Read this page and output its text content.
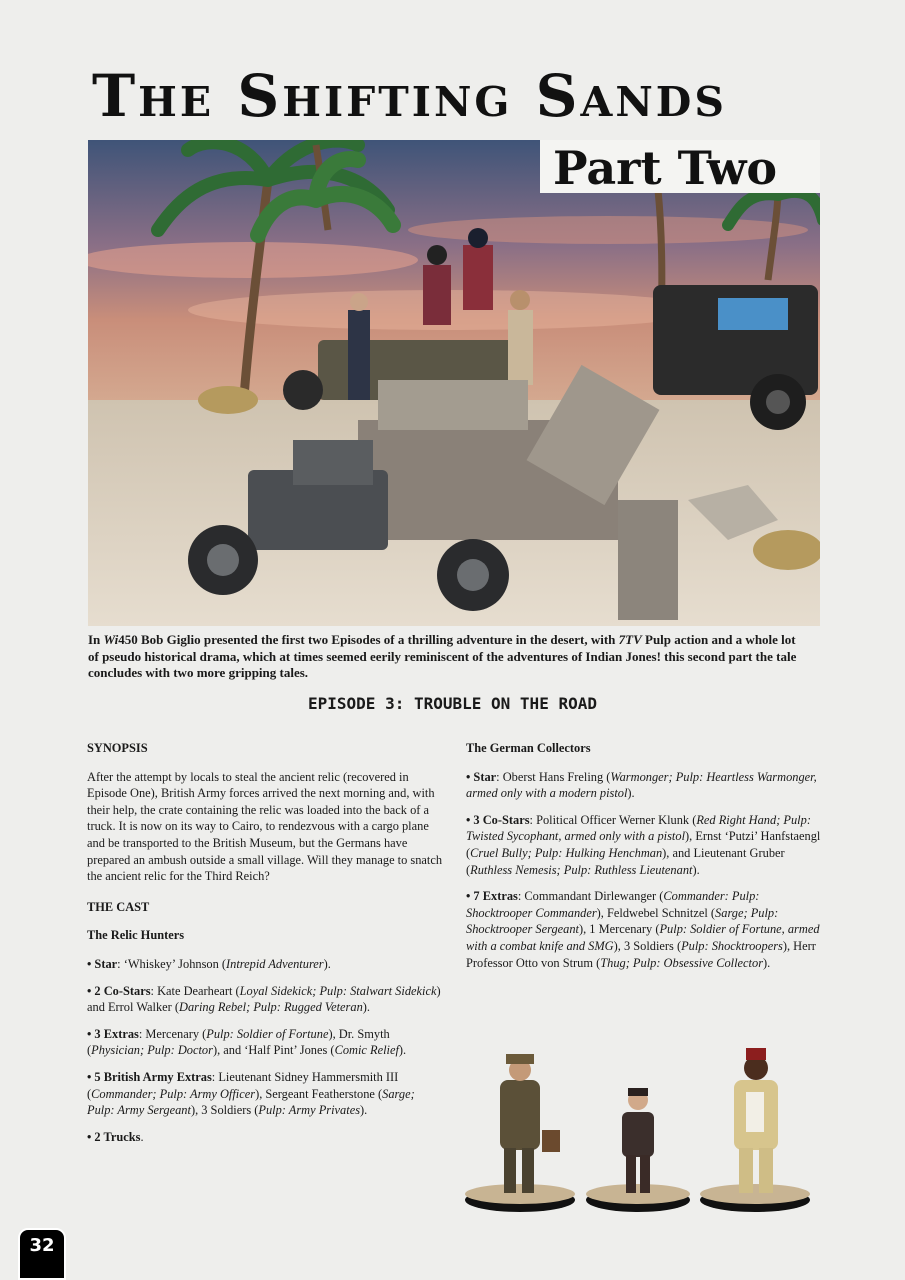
The Shifting Sands
Part Two

In Wi450 Bob Giglio presented the first two Episodes of a thrilling adventure in the desert, with 7TV Pulp action and a whole lot of pseudo historical drama, which at times seemed eerily reminiscent of the adventures of Indian Jones! this second part the tale concludes with two more gripping tales.

EPISODE 3: TROUBLE ON THE ROAD
SYNOPSIS

After the attempt by locals to steal the ancient relic (recovered in Episode One), British Army forces arrived the next morning and, with their help, the crate containing the relic was loaded into the back of a truck. It is now on its way to Cairo, to rendezvous with a cargo plane and be transported to the British Museum, but the Germans have prepared an ambush outside a small village. Will they manage to snatch the ancient relic for the Third Reich?

THE CAST
The Relic Hunters

• Star: ‘Whiskey’ Johnson (Intrepid Adventurer).

• 2 Co-Stars: Kate Dearheart (Loyal Sidekick; Pulp: Stalwart Sidekick) and Errol Walker (Daring Rebel; Pulp: Rugged Veteran).

• 3 Extras: Mercenary (Pulp: Soldier of Fortune), Dr. Smyth (Physician; Pulp: Doctor), and ‘Half Pint’ Jones (Comic Relief).

• 5 British Army Extras: Lieutenant Sidney Hammersmith III (Commander; Pulp: Army Officer), Sergeant Featherstone (Sarge; Pulp: Army Sergeant), 3 Soldiers (Pulp: Army Privates).

• 2 Trucks.

The German Collectors

• Star: Oberst Hans Freling (Warmonger; Pulp: Heartless Warmonger, armed only with a modern pistol).

• 3 Co-Stars: Political Officer Werner Klunk (Red Right Hand; Pulp: Twisted Sycophant, armed only with a pistol), Ernst ‘Putzi’ Hanfstaengl (Cruel Bully; Pulp: Hulking Henchman), and Lieutenant Gruber (Ruthless Nemesis; Pulp: Ruthless Lieutenant).

• 7 Extras: Commandant Dirlewanger (Commander: Pulp: Shocktrooper Commander), Feldwebel Schnitzel (Sarge; Pulp: Shocktrooper Sergeant), 1 Mercenary (Pulp: Soldier of Fortune, armed with a combat knife and SMG), 3 Soldiers (Pulp: Shocktroopers), Herr Professor Otto von Strum (Thug; Pulp: Obsessive Collector).

32
